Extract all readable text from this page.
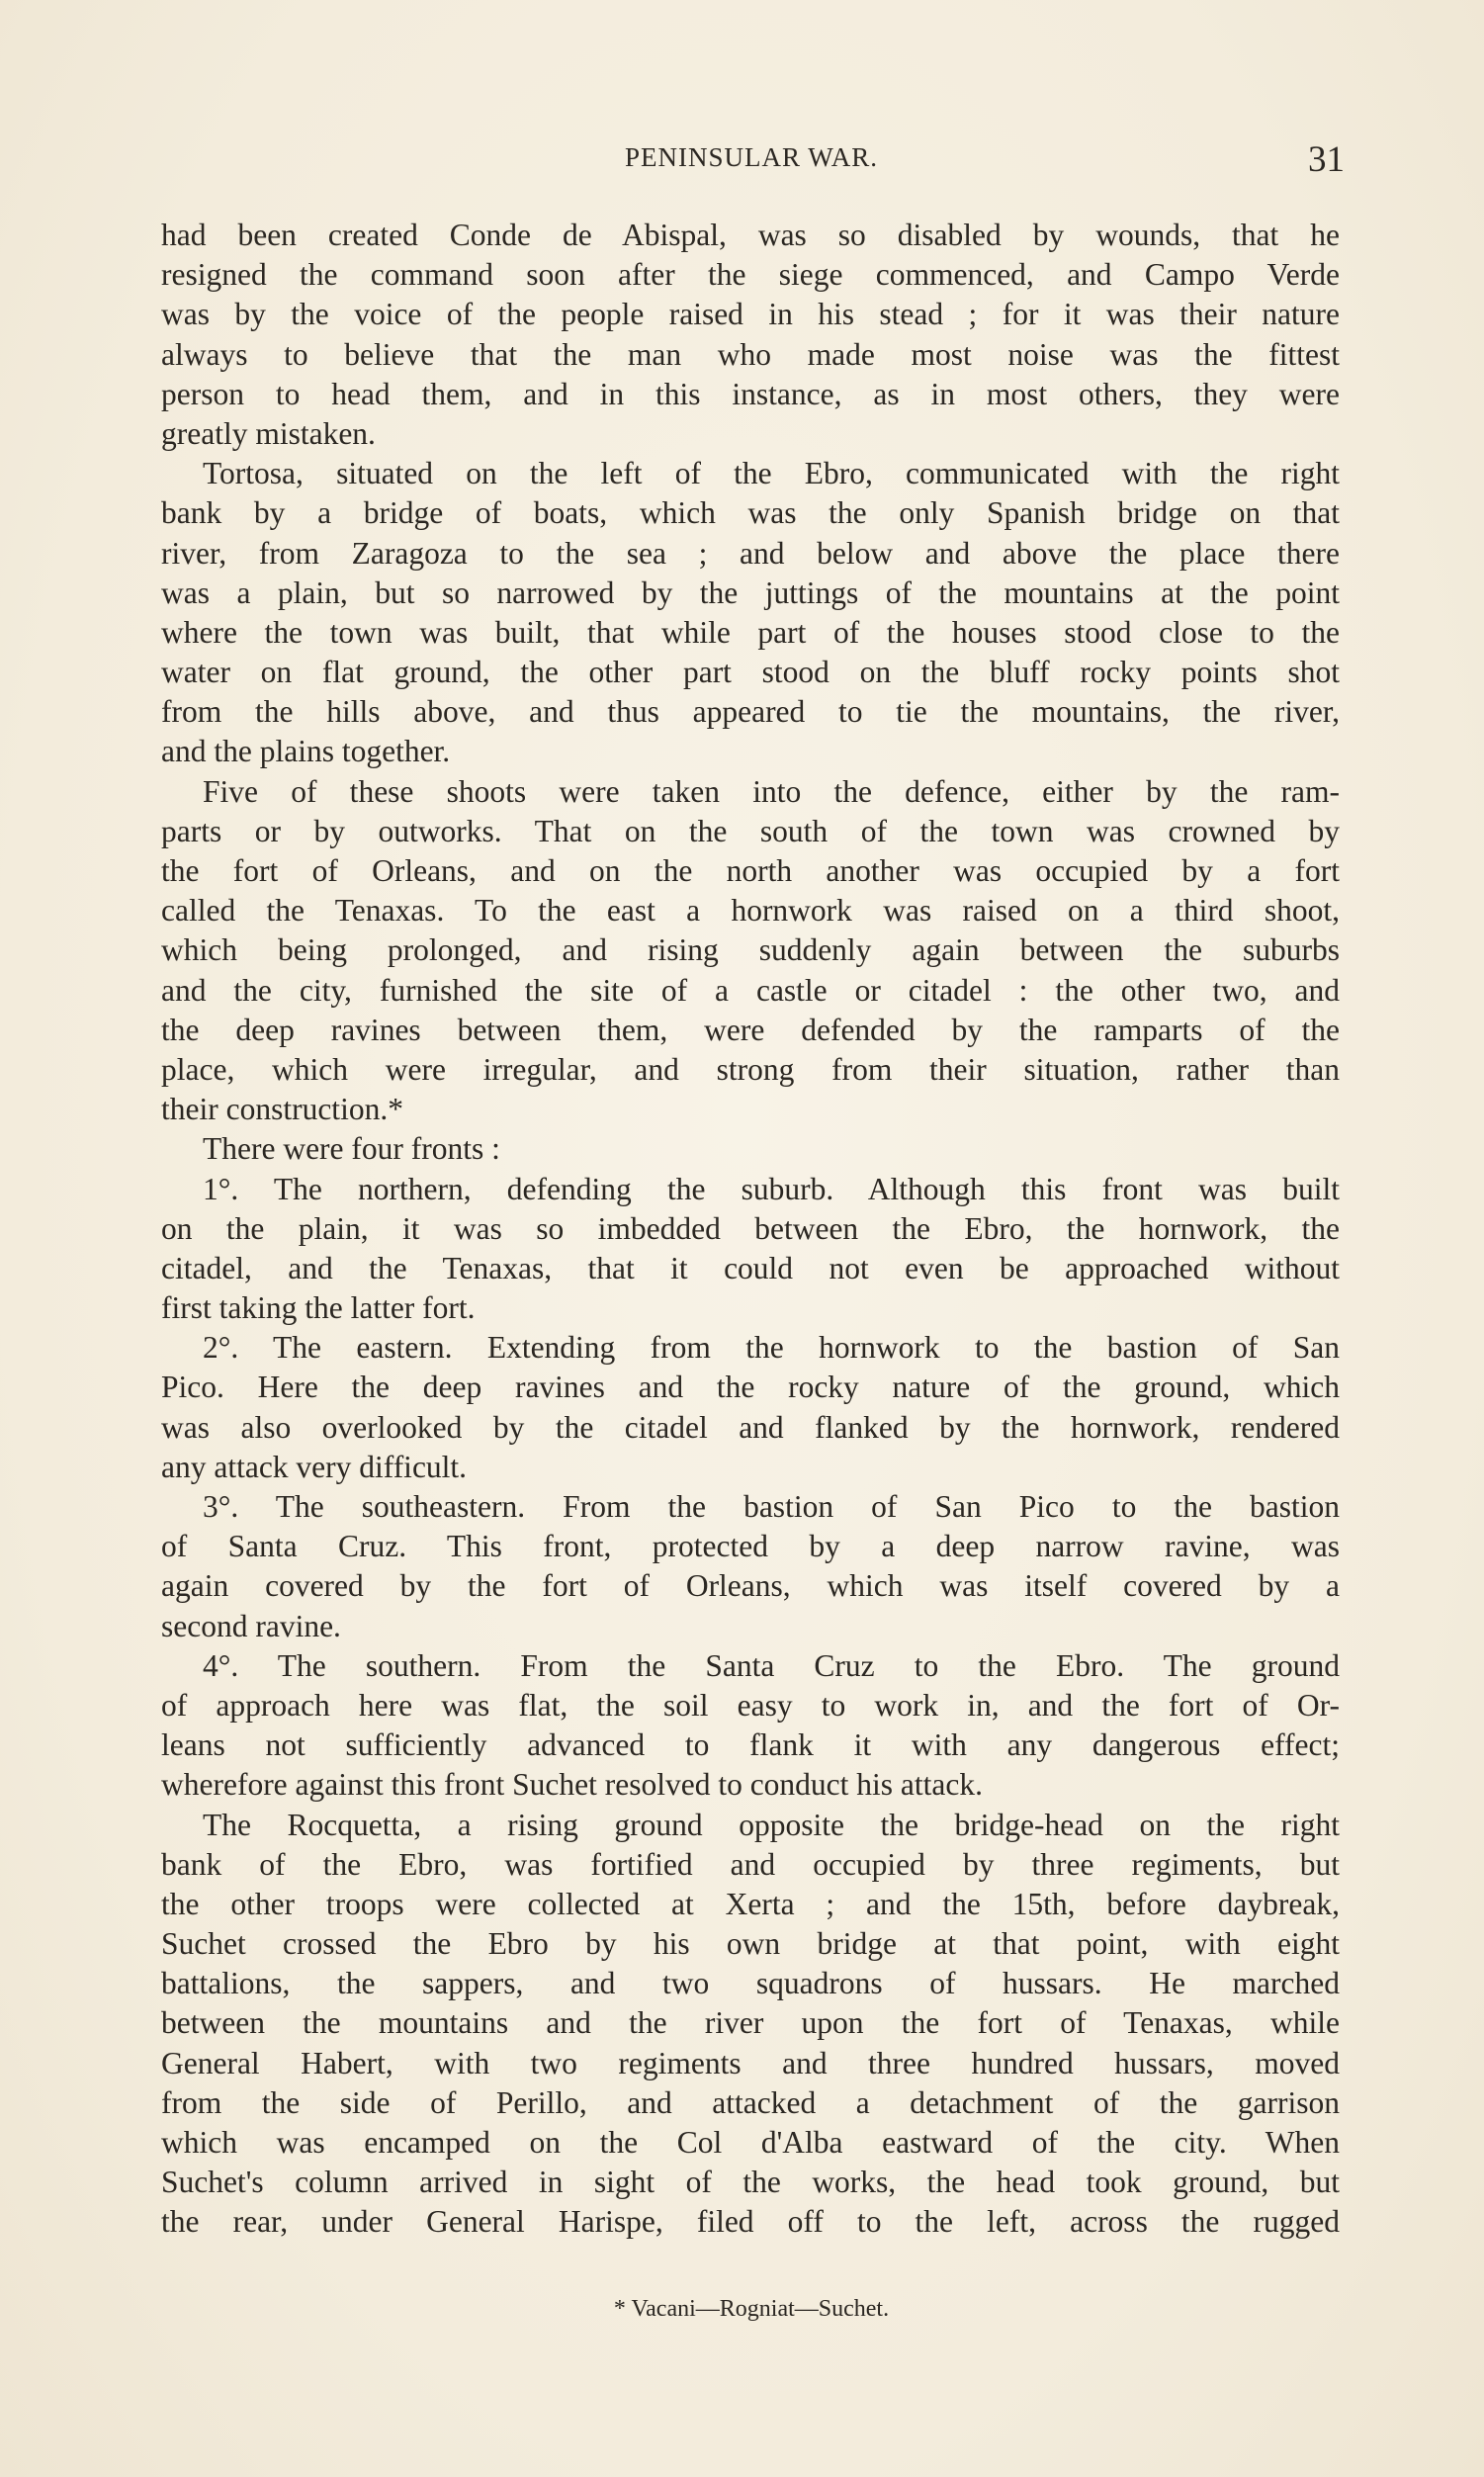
PENINSULAR WAR.	31
had been created Conde de Abispal, was so disabled by wounds, that he
resigned the command soon after the siege commenced, and Campo Verde
was by the voice of the people raised in his stead ; for it was their nature
always to believe that the man who made most noise was the fittest
person to head them, and in this instance, as in most others, they were
greatly mistaken.
Tortosa, situated on the left of the Ebro, communicated with the right
bank by a bridge of boats, which was the only Spanish bridge on that
river, from Zaragoza to the sea ; and below and above the place there
was a plain, but so narrowed by the juttings of the mountains at the point
where the town was built, that while part of the houses stood close to the
water on flat ground, the other part stood on the bluff rocky points shot
from the hills above, and thus appeared to tie the mountains, the river,
and the plains together.
Five of these shoots were taken into the defence, either by the ram-
parts or by outworks. That on the south of the town was crowned by
the fort of Orleans, and on the north another was occupied by a fort
called the Tenaxas. To the east a hornwork was raised on a third shoot,
which being prolonged, and rising suddenly again between the suburbs
and the city, furnished the site of a castle or citadel : the other two, and
the deep ravines between them, were defended by the ramparts of the
place, which were irregular, and strong from their situation, rather than
their construction.*
There were four fronts :
1°. The northern, defending the suburb. Although this front was built
on the plain, it was so imbedded between the Ebro, the hornwork, the
citadel, and the Tenaxas, that it could not even be approached without
first taking the latter fort.
2°. The eastern. Extending from the hornwork to the bastion of San
Pico. Here the deep ravines and the rocky nature of the ground, which
was also overlooked by the citadel and flanked by the hornwork, rendered
any attack very difficult.
3°. The southeastern. From the bastion of San Pico to the bastion
of Santa Cruz. This front, protected by a deep narrow ravine, was
again covered by the fort of Orleans, which was itself covered by a
second ravine.
4°. The southern. From the Santa Cruz to the Ebro. The ground
of approach here was flat, the soil easy to work in, and the fort of Or-
leans not sufficiently advanced to flank it with any dangerous effect;
wherefore against this front Suchet resolved to conduct his attack.
The Rocquetta, a rising ground opposite the bridge-head on the right
bank of the Ebro, was fortified and occupied by three regiments, but
the other troops were collected at Xerta ; and the 15th, before daybreak,
Suchet crossed the Ebro by his own bridge at that point, with eight
battalions, the sappers, and two squadrons of hussars. He marched
between the mountains and the river upon the fort of Tenaxas, while
General Habert, with two regiments and three hundred hussars, moved
from the side of Perillo, and attacked a detachment of the garrison
which was encamped on the Col d'Alba eastward of the city. When
Suchet's column arrived in sight of the works, the head took ground, but
the rear, under General Harispe, filed off to the left, across the rugged
* Vacani—Rogniat—Suchet.
